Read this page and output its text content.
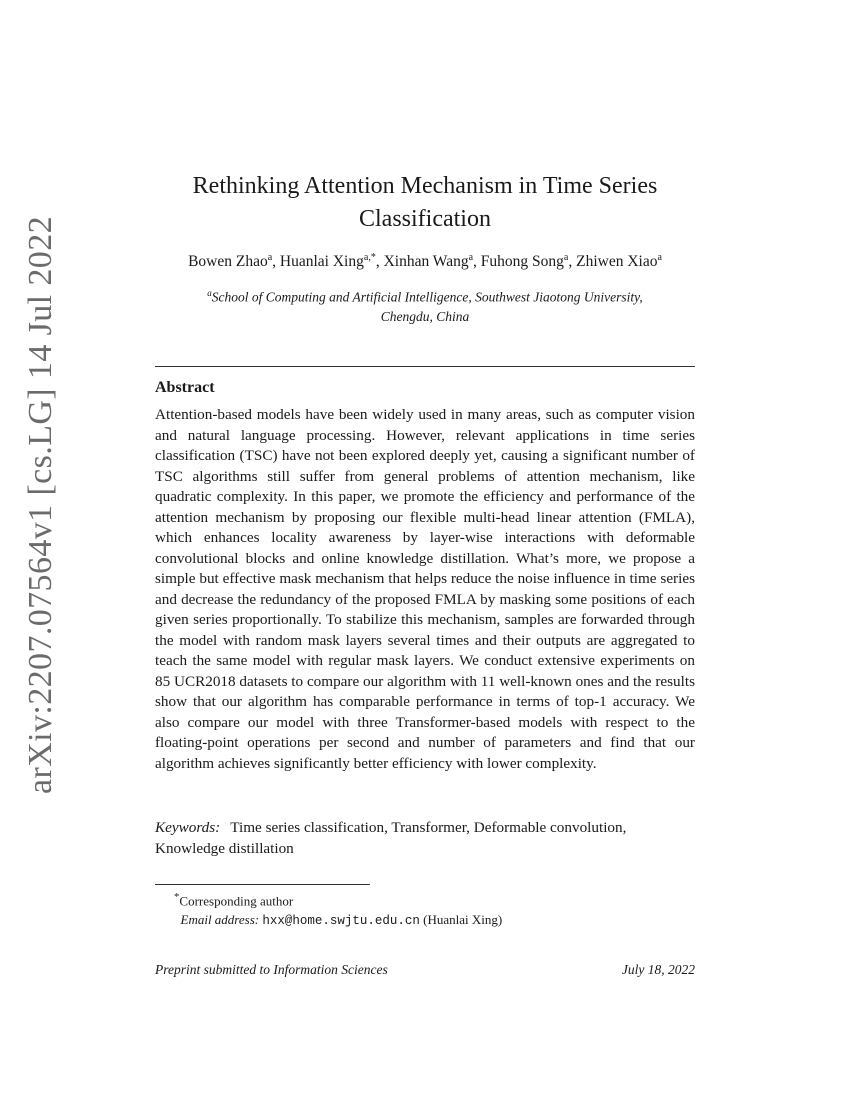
arXiv:2207.07564v1 [cs.LG] 14 Jul 2022
Rethinking Attention Mechanism in Time Series Classification
Bowen Zhao$^a$, Huanlai Xing$^{a,*}$, Xinhan Wang$^a$, Fuhong Song$^a$, Zhiwen Xiao$^a$
$^a$School of Computing and Artificial Intelligence, Southwest Jiaotong University, Chengdu, China
Abstract

Attention-based models have been widely used in many areas, such as computer vision and natural language processing. However, relevant applications in time series classification (TSC) have not been explored deeply yet, causing a significant number of TSC algorithms still suffer from general problems of attention mechanism, like quadratic complexity. In this paper, we promote the efficiency and performance of the attention mechanism by proposing our flexible multi-head linear attention (FMLA), which enhances locality awareness by layer-wise interactions with deformable convolutional blocks and online knowledge distillation. What’s more, we propose a simple but effective mask mechanism that helps reduce the noise influence in time series and decrease the redundancy of the proposed FMLA by masking some positions of each given series proportionally. To stabilize this mechanism, samples are forwarded through the model with random mask layers several times and their outputs are aggregated to teach the same model with regular mask layers. We conduct extensive experiments on 85 UCR2018 datasets to compare our algorithm with 11 well-known ones and the results show that our algorithm has comparable performance in terms of top-1 accuracy. We also compare our model with three Transformer-based models with respect to the floating-point operations per second and number of parameters and find that our algorithm achieves significantly better efficiency with lower complexity.

Keywords: Time series classification, Transformer, Deformable convolution, Knowledge distillation

*Corresponding author
Email address: hxx@home.swjtu.edu.cn (Huanlai Xing)
Preprint submitted to Information Sciences	July 18, 2022
